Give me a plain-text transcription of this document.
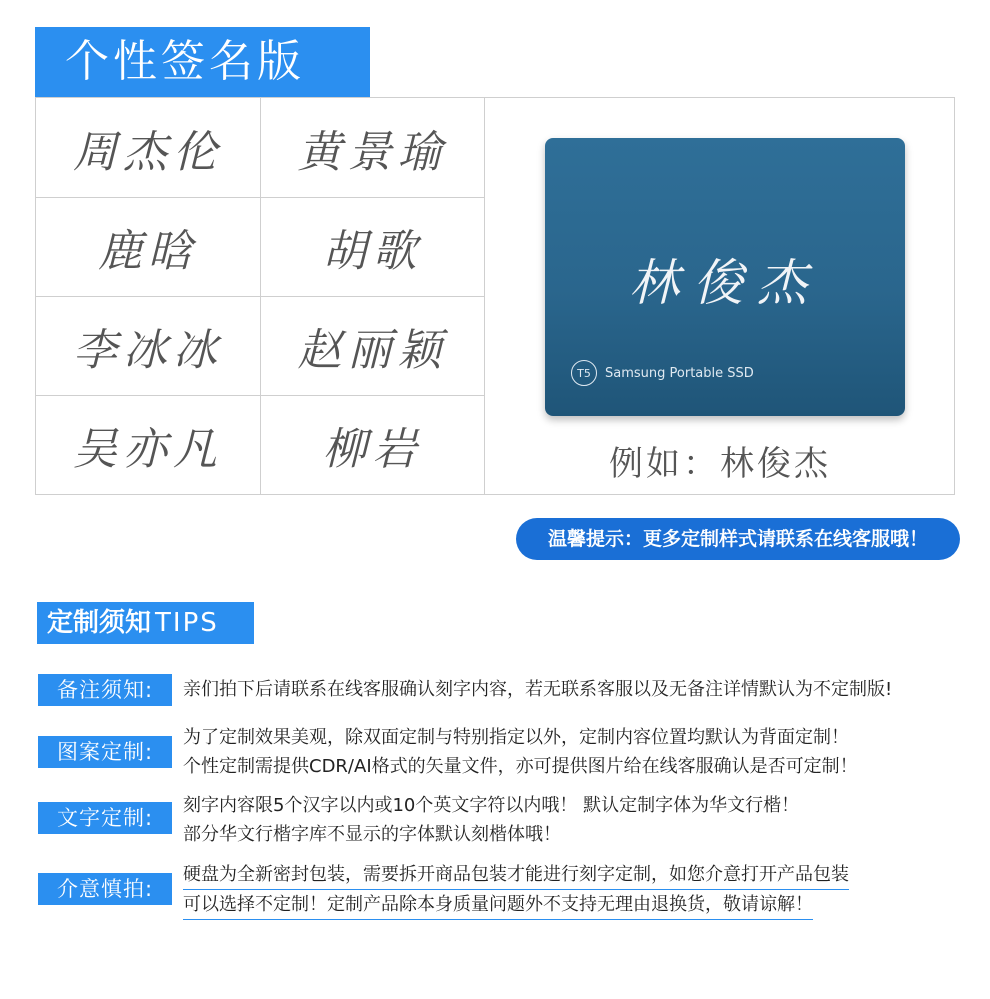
个性签名版
周杰伦	黄景瑜
鹿晗	胡歌
李冰冰	赵丽颖
吴亦凡	柳岩
林俊杰
T5	Samsung Portable SSD
例如：林俊杰
温馨提示：更多定制样式请联系在线客服哦！
定制须知 TIPS
备注须知:	亲们拍下后请联系在线客服确认刻字内容，若无联系客服以及无备注详情默认为不定制版!
图案定制:
为了定制效果美观，除双面定制与特别指定以外，定制内容位置均默认为背面定制！
个性定制需提供CDR/AI格式的矢量文件，亦可提供图片给在线客服确认是否可定制！
文字定制:
刻字内容限5个汉字以内或10个英文字符以内哦！ 默认定制字体为华文行楷！
部分华文行楷字库不显示的字体默认刻楷体哦！
介意慎拍:
硬盘为全新密封包装，需要拆开商品包装才能进行刻字定制，如您介意打开产品包装
可以选择不定制！定制产品除本身质量问题外不支持无理由退换货，敬请谅解！
